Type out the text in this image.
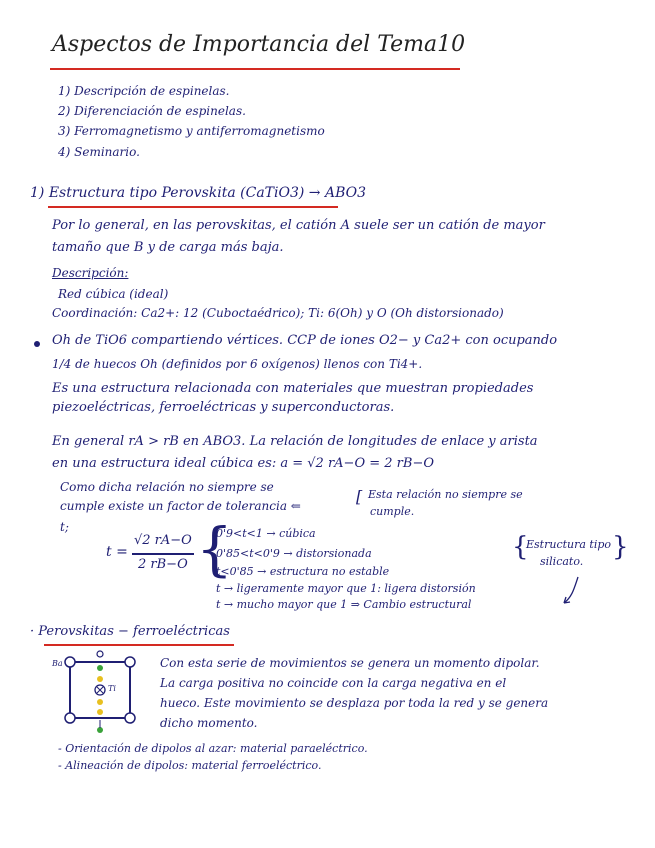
Aspectos de Importancia del Tema10
1) Descripción de espinelas.
2) Diferenciación de espinelas.
3) Ferromagnetismo y antiferromagnetismo
4) Seminario.
1) Estructura tipo Perovskita (CaTiO3) → ABO3
Por lo general, en las perovskitas, el catión A suele ser un catión de mayor
tamaño que B y de carga más baja.
Descripción:
Red cúbica (ideal)
Coordinación: Ca2+: 12 (Cuboctaédrico); Ti: 6(Oh) y O (Oh distorsionado)
Oh de TiO6 compartiendo vértices. CCP de iones O2− y Ca2+ con ocupando
1/4 de huecos Oh (definidos por 6 oxígenos) llenos con Ti4+.
Es una estructura relacionada con materiales que muestran propiedades
piezoeléctricas, ferroeléctricas y superconductoras.
En general rA > rB en ABO3. La relación de longitudes de enlace y arista
en una estructura ideal cúbica es: a = √2 rA−O = 2 rB−O
Como dicha relación no siempre se
cumple existe un factor de tolerancia ⇐
t;
[ Esta relación no siempre se
cumple.
t =
√2 rA−O
2 rB−O {
0'9<t<1 → cúbica
0'85<t<0'9 → distorsionada
t<0'85 → estructura no estable
t → ligeramente mayor que 1: ligera distorsión
t → mucho mayor que 1 ⇒ Cambio estructural
{
Estructura tipo
silicato. }
· Perovskitas − ferroeléctricas
Ba
Ti
Con esta serie de movimientos se genera un momento dipolar.
La carga positiva no coincide con la carga negativa en el
hueco. Este movimiento se desplaza por toda la red y se genera
dicho momento.
- Orientación de dipolos al azar: material paraeléctrico.
- Alineación de dipolos: material ferroeléctrico.
